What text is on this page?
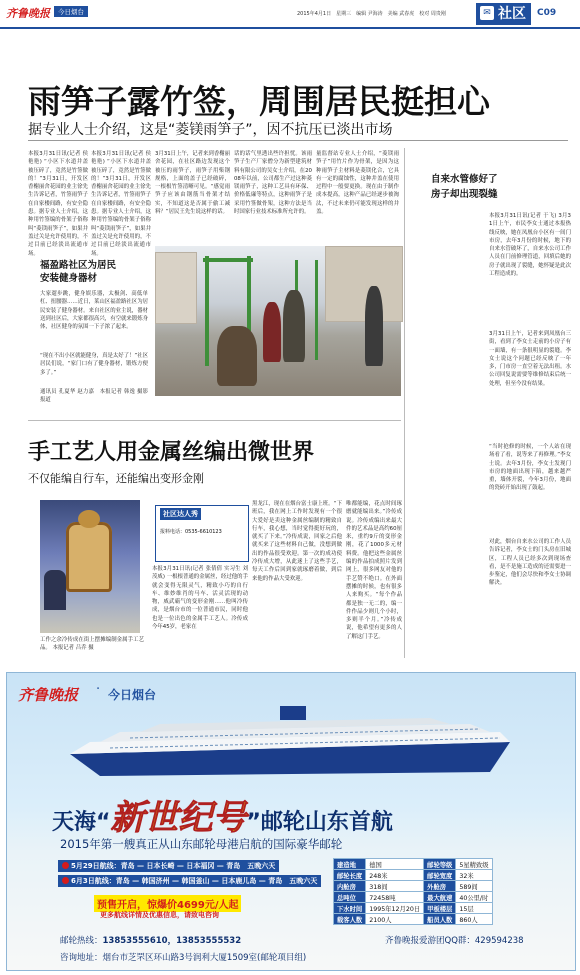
齐鲁晚报	今日烟台	2015年4月1日　星期三　编辑 尹海涛　美编 武春虎　校对 周贵刚	✉ 社区 C09
雨笋子露竹签，周围居民挺担心
据专业人士介绍，这是“菱镁雨笋子”，因不抗压已淡出市场
本报3月31日讯(记者 侯艳艳) “小区下水道井盖被压碎了，竟然是竹签做的！”3月31日，开发区香榭丽舍花园的业主徐先生告诉记者，竹签雨笋子在自家楼间路，有安全隐患。据专业人士介绍，这种用竹签编的骨架子俗称叫“菱镁雨笋子”，如果井盖过关是允许使用的，不过目前已经淡出流通市场。
本报3月31日讯(记者 侯艳艳) “小区下水道井盖被压碎了，竟然是竹签做的！”3月31日，开发区香榭丽舍花园的业主徐先生告诉记者，竹签雨笋子在自家楼间路，有安全隐患。据专业人士介绍，这种用竹签编的骨架子俗称叫“菱镁雨笋子”，如果井盖过关是允许使用的，不过目前已经淡出流通市场。
3月31日上午，记者来到香榭丽舍花园，在社区路边发现这个被压的雨笋子，雨笋子用柴钢规格，上面的盖子已经破碎，一根根竹签清晰可见。“感觉雨笋子应该由钢筋当骨架才结实，不知道这是否属于偷工减料？”居民王先生说这样的话。
话的话气里透出些许担忧。该雨笋子生产厂家僧分为新型建筑材料有限公司的吴女士介绍，在2008年以前，公司都生产过这种菱镁雨笋子，这种工艺具有环保、价格低廉等特点，这种雨笋子是采用竹签做骨架，这种方法是当时国家行业技术标准所允许的。
量监督站专业人士介绍，“菱镁雨笋子”用竹片作为骨架，是因为这种雨笋子主材料是菱镁化合，它具有一定的腐蚀性，这种井盖在使用过程中一般要更换。现在由于制作成本提高，这种产品已经逐步被淘汰，不过未来仍可能发现这样的井盖。
福盈路社区为居民
安装健身器材
大家遛步跳，健身娱乐器，太极剑、高低单杠、扭腰器……近日，莱山区福盈路社区为居民安装了健身器材。来自社区的业主说，器材送到社区后，大家都很高兴，有空就来锻炼身体，社区健身的氛围一下子浓了起来。
“现在不出小区就能健身，真是太好了！”社区居民们说，“家门口有了健身器材，锻炼方便多了。”
通讯员 孔夏华 赵力嘉　本报记者 韩逸 摄影报道
自来水管修好了
房子却出现裂缝
本报3月31日讯(记者 于飞) 3月31日上午，市民李女士通过本报热线反映，她在凤凰台小区有一间门市房，去年3月份的时候，地下的自来水管破坏了，自来水公司工作人员在门前修理管道，回填后她的房子就出现了裂缝，她怀疑是此次工程造成的。
3月31日上午，记者来到凤凰台三街，看到了李女士走前的小房子有一面墙，有一条很明显的裂缝。李女士说这个问题已经反映了一年多，门市房一直空着无法出租。水公司回复说需要等维修结束后统一处理，但至今没有结果。
“当时抢修的时候，一个人站在现场看了看，说等来了再修理。”李女士说。去年3月份，李女士发现门市房的地面出现下陷，越来越严重，墙体开裂，今年3月份，地面的瓷砖开始出现了鼓起。
对此，烟台自来水公司的工作人员告诉记者，李女士的门头房在旧城区，工程人员已经多次到现场查看，是不是施工造成的还需要进一步鉴定，他们会尽快和李女士协调解决。
手工艺人用金属丝编出微世界
不仅能编自行车，还能编出变形金刚
工作之余冷传成在街上摆摊编制金属手工艺品。 本报记者 吕乔 摄
社区达人秀
报料电话：0535-6610123
本报3月31日讯(记者 张倩倩 实习生 刘茂威) 一根根普通的金属丝，经过他的手就会变得无限灵气，精致小巧的自行车、维妙维肖的马车、活灵活现的动物，威武霸气的变形金刚……他叫冷传成，是烟台市的一位普通市民，同时他也是一位出色的金属手工艺人。冷传成今年45岁，老家在
黑龙江，现在在烟台富士康上班。“下班后，我在网上工作时发现有一个很大爱好是卖这种金属丝编制的精致自行车，我心想，当时觉得挺好玩的，就买了下来。”冷传成说，回家之后他就买来了这些材料自己做，没想到做出的作品很受欢迎。第一次的成功使冷传成大增，从此迷上了这些手艺，每天工作后回到家就琢磨着做，到后来他的作品大受欢迎。
唯都能编，花点时间琢磨就能编出来。”冷传成说。冷传成编出来最大件的艺术品是高约60厘米，重约9斤的变形金刚，花了1000多元材料费。他把这些金属丝编的作品拍成照片发到网上，很多网友对他的手艺赞不绝口。在外面摆摊的时候，也有很多人来购买。“每个作品都是独一无二的，编一件作品少则几个小时，多则半个月。”冷传成说，他希望有更多的人了解这门手艺。
齐鲁晚报 · 今日烟台
天海“新世纪号”邮轮山东首航
2015年第一艘真正从山东邮轮母港启航的国际豪华邮轮
5月29日航线：青岛 — 日本长崎 — 日本福冈 — 青岛　五晚六天
6月3日航线：青岛 — 韩国济州 — 韩国釜山 — 日本鹿儿岛 — 青岛　五晚六天
预售开启，惊爆价4699元/人起
更多航线详情及优惠信息，请致电咨询
建造地	德国	邮轮等级	5星精致级
邮轮长度	248米	邮轮宽度	32米
内舱房	318间	外舱房	589间
总吨位	72458吨	最大航速	40公里/时
下水时间	1995年12月20日	甲板楼层	15层
载客人数	2100人	船员人数	860人
邮轮热线：13853555610，13853555532	齐鲁晚报爱游团QQ群：429594238
咨询地址：烟台市芝罘区环山路3号润利大厦1509室(邮轮项目组)
